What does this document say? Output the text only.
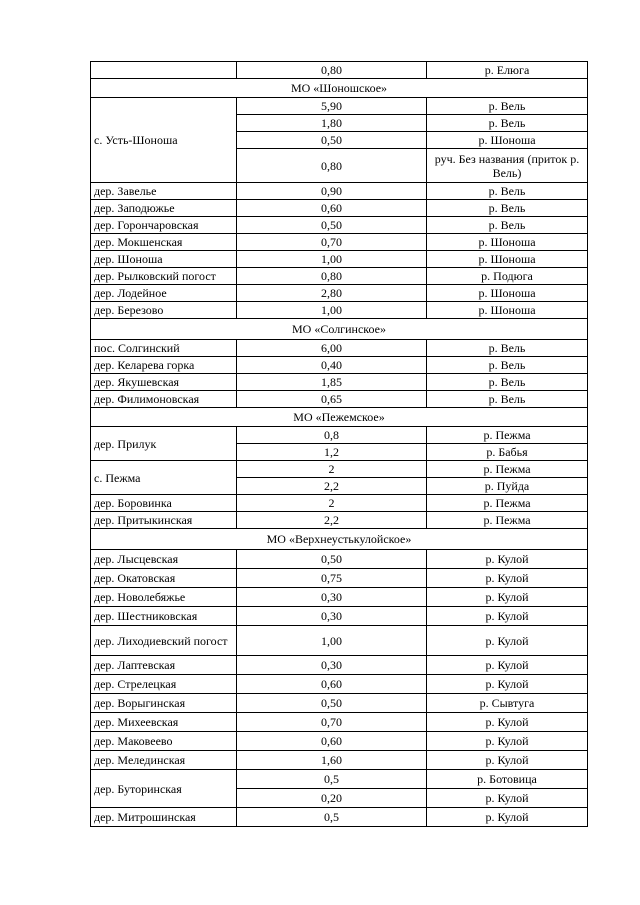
	0,80	р. Елюга
МО «Шоношское»		
с. Усть-Шоноша	5,90	р. Вель
	1,80	р. Вель
	0,50	р. Шоноша
	0,80	руч. Без названия (приток р. Вель)
дер. Завелье	0,90	р. Вель
дер. Заподюжье	0,60	р. Вель
дер. Горончаровская	0,50	р. Вель
дер. Мокшенская	0,70	р. Шоноша
дер. Шоноша	1,00	р. Шоноша
дер. Рылковский погост	0,80	р. Подюга
дер. Лодейное	2,80	р. Шоноша
дер. Березово	1,00	р. Шоноша
МО «Солгинское»		
пос. Солгинский	6,00	р. Вель
дер. Келарева горка	0,40	р. Вель
дер. Якушевская	1,85	р. Вель
дер. Филимоновская	0,65	р. Вель
МО «Пежемское»		
дер. Прилук	0,8	р. Пежма
	1,2	р. Бабья
с. Пежма	2	р. Пежма
	2,2	р. Пуйда
дер. Боровинка	2	р. Пежма
дер. Притыкинская	2,2	р. Пежма
МО «Верхнеустькулойское»		
дер. Лысцевская	0,50	р. Кулой
дер. Окатовская	0,75	р. Кулой
дер. Новолебяжье	0,30	р. Кулой
дер. Шестниковская	0,30	р. Кулой
дер. Лиходиевский погост	1,00	р. Кулой
дер. Лаптевская	0,30	р. Кулой
дер. Стрелецкая	0,60	р. Кулой
дер. Ворыгинская	0,50	р. Сывтуга
дер. Михеевская	0,70	р. Кулой
дер. Маковеево	0,60	р. Кулой
дер. Мелединская	1,60	р. Кулой
дер. Буторинская	0,5	р. Ботовица
	0,20	р. Кулой
дер. Митрошинская	0,5	р. Кулой
